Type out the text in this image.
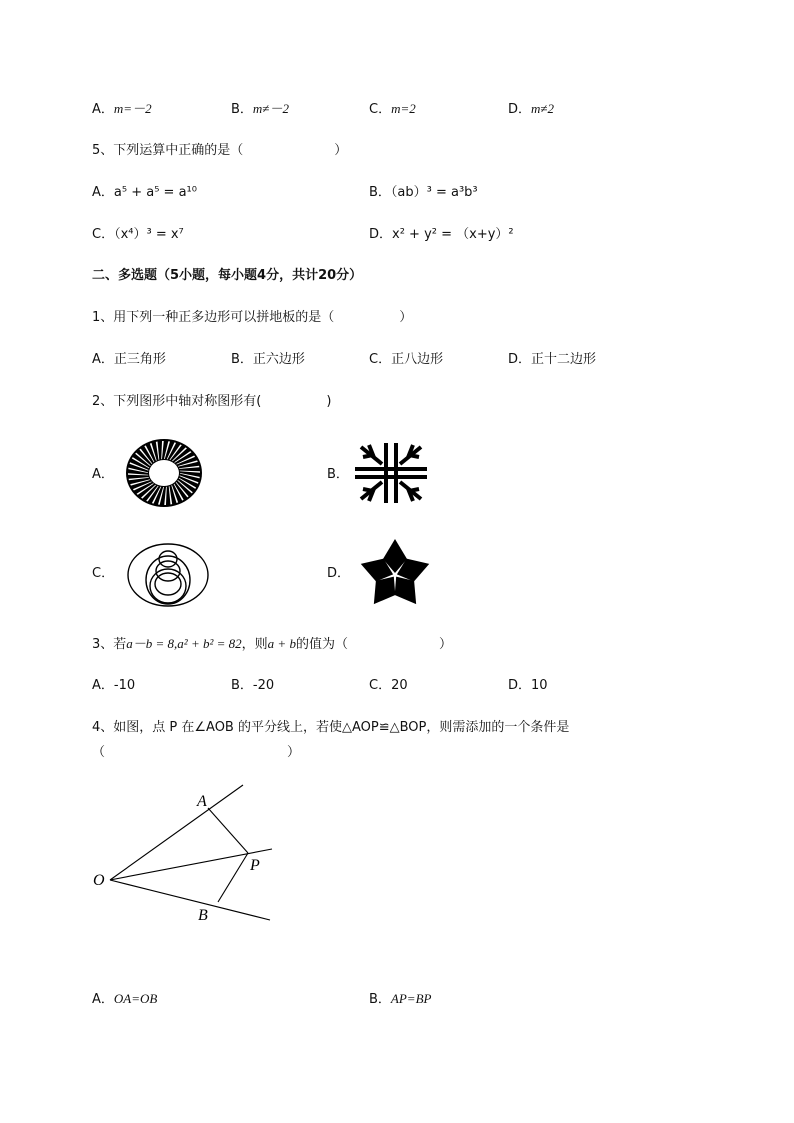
A．m=－2	B．m≠－2	C．m=2	D．m≠2
5、下列运算中正确的是（　　　　　　　）
A．a⁵ + a⁵ = a¹⁰	B．（ab）³ = a³b³
C．（x⁴）³ = x⁷	D．x² + y² = （x+y）²
二、多选题（5小题，每小题4分，共计20分）
1、用下列一种正多边形可以拼地板的是（　　　　　）
A．正三角形	B．正六边形	C．正八边形	D．正十二边形
2、下列图形中轴对称图形有(　　　　　)
A．	B．
C．	D．
3、若a－b = 8,a² + b² = 82，则a + b的值为（　　　　　　　）
A．-10	B．-20	C．20	D．10
4、如图，点 P 在∠AOB 的平分线上，若使△AOP≌△BOP，则需添加的一个条件是
（　　　　　　　　　　　　　　）
A
O
P
B
A．OA=OB	B．AP=BP
